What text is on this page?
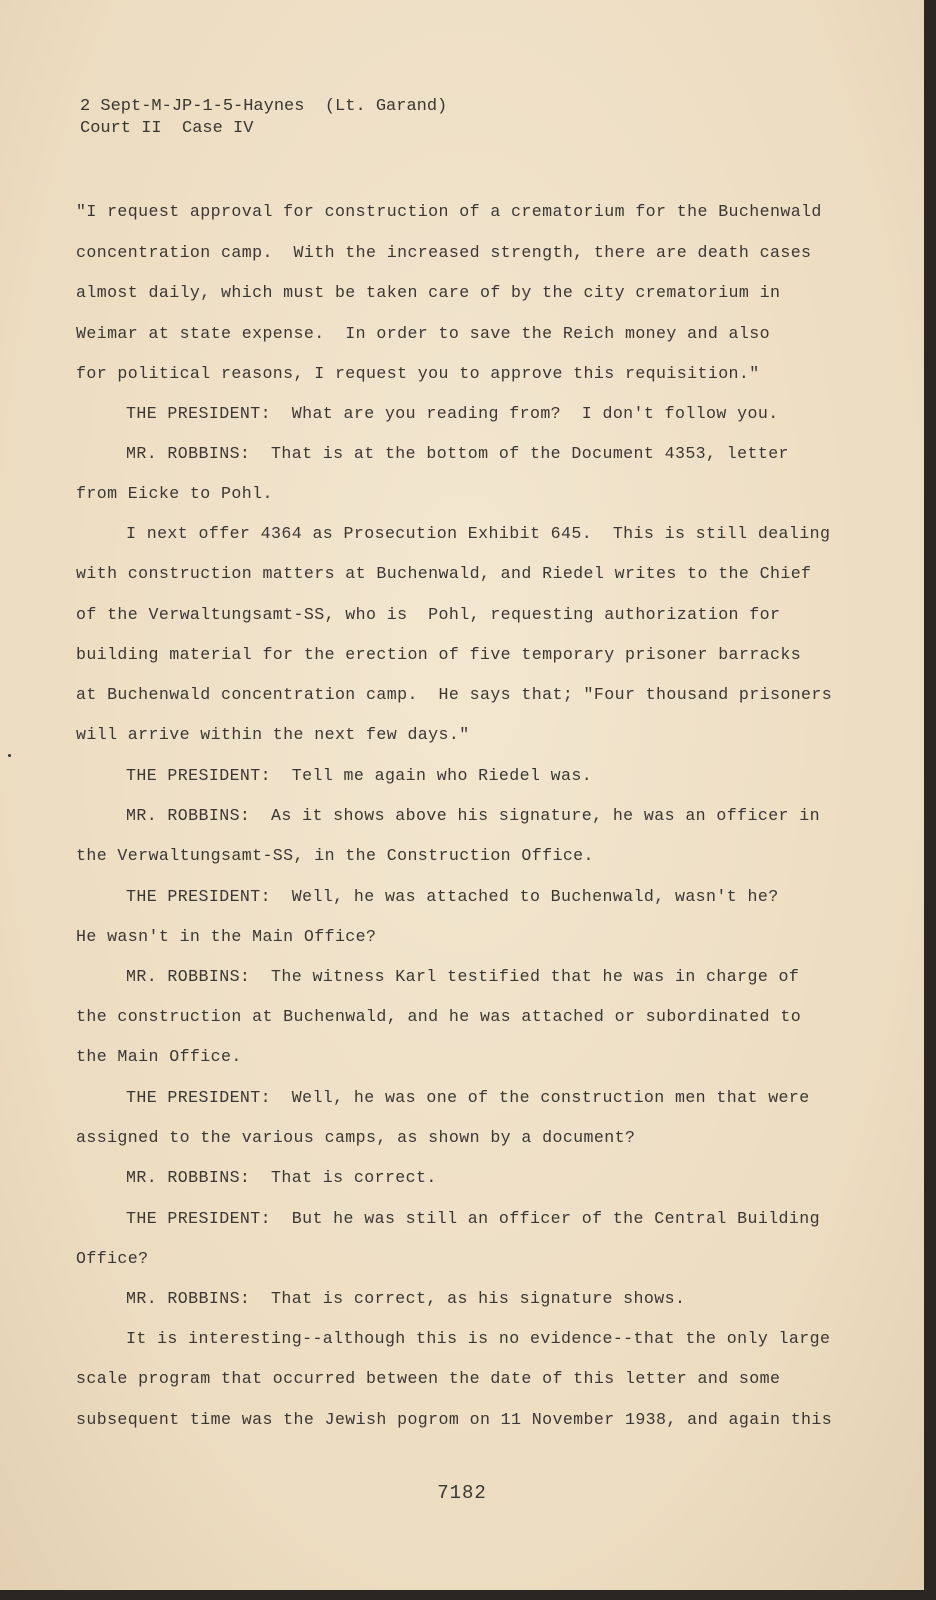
2 Sept-M-JP-1-5-Haynes  (Lt. Garand)
Court II  Case IV
"I request approval for construction of a crematorium for the Buchenwald
concentration camp.  With the increased strength, there are death cases
almost daily, which must be taken care of by the city crematorium in
Weimar at state expense.  In order to save the Reich money and also
for political reasons, I request you to approve this requisition."
THE PRESIDENT:  What are you reading from?  I don't follow you.
MR. ROBBINS:  That is at the bottom of the Document 4353, letter
from Eicke to Pohl.
I next offer 4364 as Prosecution Exhibit 645.  This is still dealing
with construction matters at Buchenwald, and Riedel writes to the Chief
of the Verwaltungsamt-SS, who is  Pohl, requesting authorization for
building material for the erection of five temporary prisoner barracks
at Buchenwald concentration camp.  He says that; "Four thousand prisoners
will arrive within the next few days."
THE PRESIDENT:  Tell me again who Riedel was.
MR. ROBBINS:  As it shows above his signature, he was an officer in
the Verwaltungsamt-SS, in the Construction Office.
THE PRESIDENT:  Well, he was attached to Buchenwald, wasn't he?
He wasn't in the Main Office?
MR. ROBBINS:  The witness Karl testified that he was in charge of
the construction at Buchenwald, and he was attached or subordinated to
the Main Office.
THE PRESIDENT:  Well, he was one of the construction men that were
assigned to the various camps, as shown by a document?
MR. ROBBINS:  That is correct.
THE PRESIDENT:  But he was still an officer of the Central Building
Office?
MR. ROBBINS:  That is correct, as his signature shows.
It is interesting--although this is no evidence--that the only large
scale program that occurred between the date of this letter and some
subsequent time was the Jewish pogrom on 11 November 1938, and again this
7182
